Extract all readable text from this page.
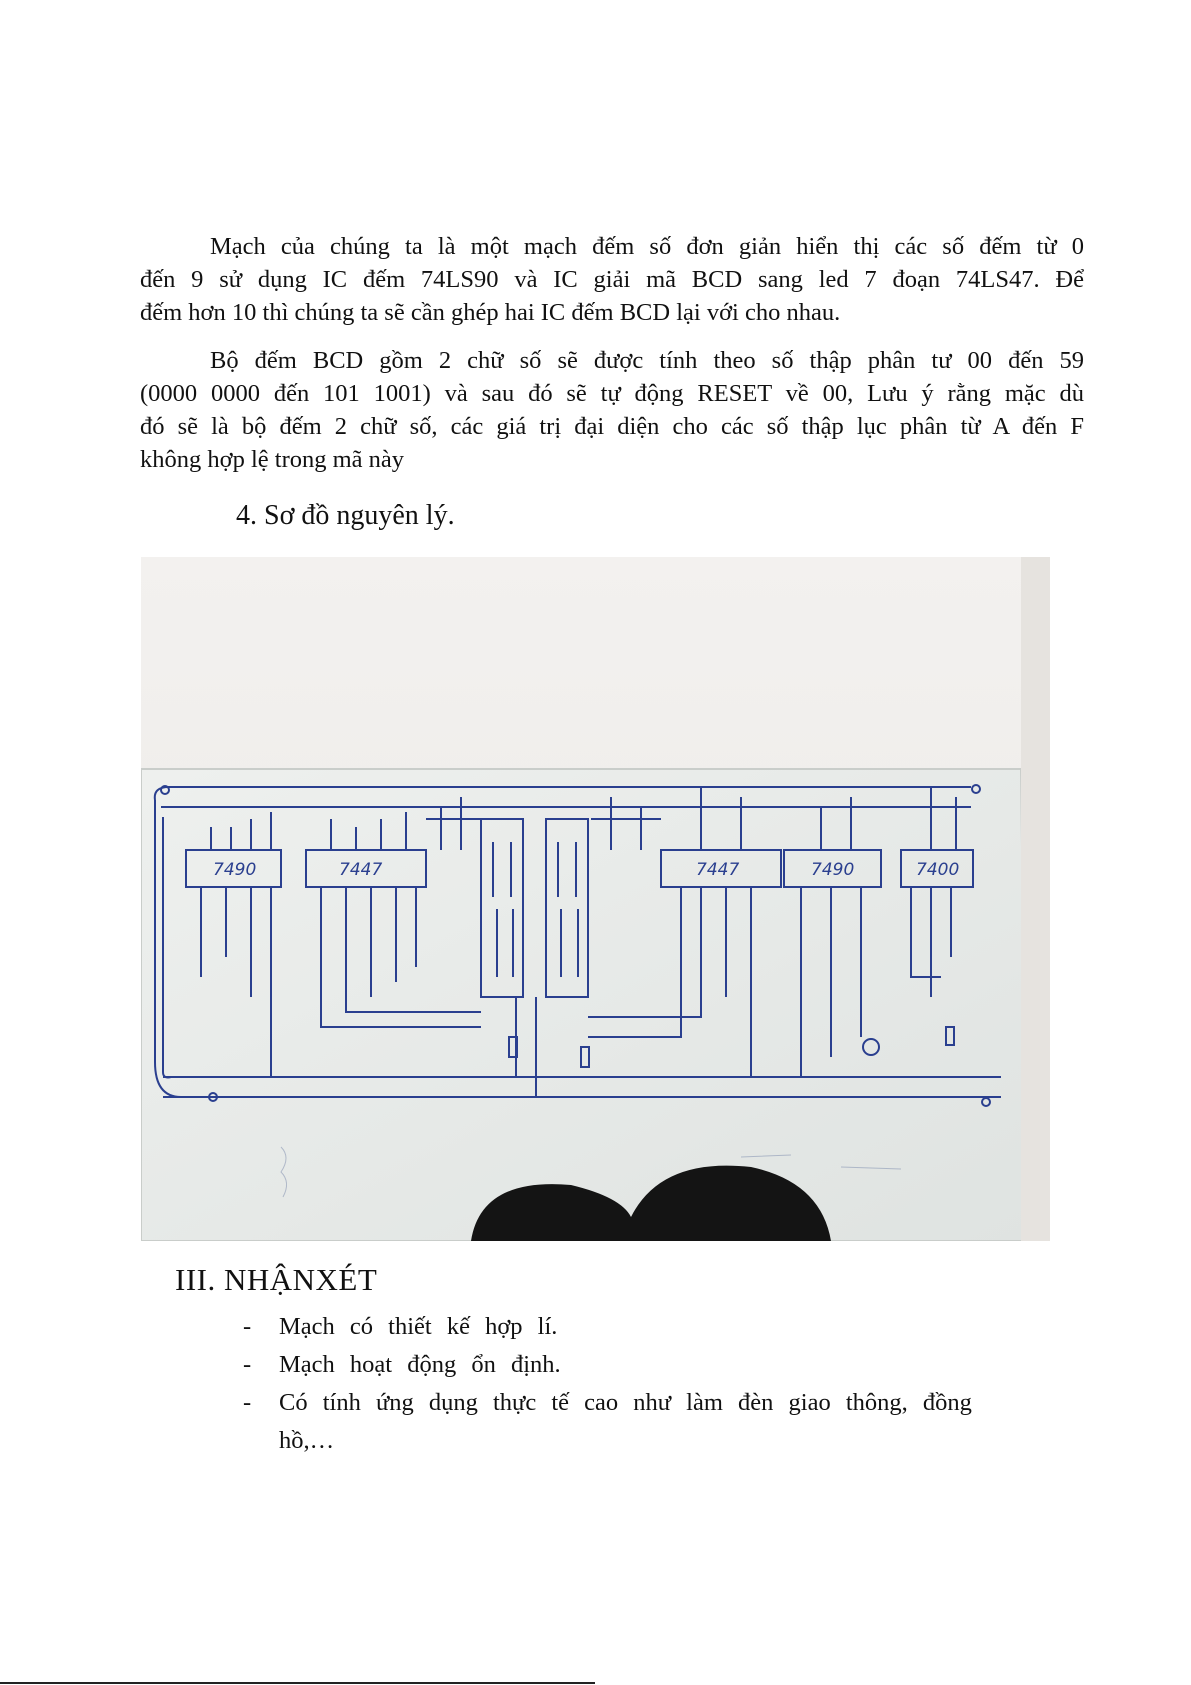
Mạch của chúng ta là một mạch đếm số đơn giản hiển thị các số đếm từ 0
đến 9 sử dụng IC đếm 74LS90 và IC giải mã BCD sang led 7 đoạn 74LS47. Để
đếm hơn 10 thì chúng ta sẽ cần ghép hai IC đếm BCD lại với cho nhau.
Bộ đếm BCD gồm 2 chữ số sẽ được tính theo số thập phân tư 00 đến 59
(0000 0000 đến 101 1001) và sau đó sẽ tự động RESET về 00, Lưu ý rằng mặc dù
đó sẽ là bộ đếm 2 chữ số, các giá trị đại diện cho các số thập lục phân từ A đến F
không hợp lệ trong mã này
4. Sơ đồ nguyên lý.
7490	7447	7447	7490	7400
III. NHẬNXÉT
- Mạch có thiết kế hợp lí.
- Mạch hoạt động ổn định.
- Có tính ứng dụng thực tế cao như làm đèn giao thông, đồng hồ,…
